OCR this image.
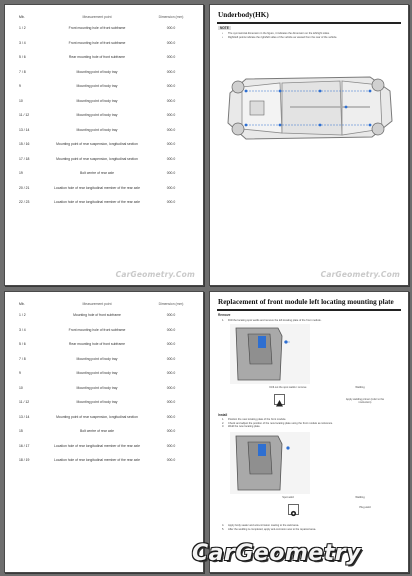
Mb.	Measurement point	Dimension (mm)
1 / 2	Front mounting hole of front subframe	000.0
3 / 4	Front mounting hole of front subframe	000.0
5 / 6	Rear mounting hole of front subframe	000.0
7 / 8	Mounting point of body tray	000.0
9	Mounting point of body tray	000.0
10	Mounting point of body tray	000.0
11 / 12	Mounting point of body tray	000.0
13 / 14	Mounting point of body tray	000.0
15 / 16	Mounting point of rear suspension, longitudinal section	000.0
17 / 18	Mounting point of rear suspension, longitudinal section	000.0
19	Bolt centre of rear axle	000.0
20 / 21	Location hole of rear longitudinal member of the rear axle	000.0
22 / 23	Location hole of rear longitudinal member of the rear axle	000.0
CarGeometry.Com
Underbody(HK)
NOTE
• The symmetrical dimension in the figure, it indicates the dimension on the left/right sides.
• Right/left points indicate the right/left sides of the vehicle as viewed from the rear of the vehicle.
CarGeometry.Com
Mb.	Measurement point	Dimension (mm)
1 / 2	Mounting hole of front subframe	000.0
3 / 4	Front mounting hole of front subframe	000.0
5 / 6	Rear mounting hole of front subframe	000.0
7 / 8	Mounting point of body tray	000.0
9	Mounting point of body tray	000.0
10	Mounting point of body tray	000.0
11 / 12	Mounting point of body tray	000.0
13 / 14	Mounting point of rear suspension, longitudinal section	000.0
15	Bolt centre of rear axle	000.0
16 / 17	Location hole of rear longitudinal member of the rear axle	000.0
18 / 19	Location hole of rear longitudinal member of the rear axle	000.0
Replacement of front module left locating mounting plate
Remove
1. Drill the locating spot welds and remove the left locating plate of the front module.
Drill out the spot welds / remove	Welding
Apply welding primer (refer to the instruction)
Install
1. Position the new locating plate of the front module.
2. Check and adjust the position of the new locating plate using the front module as reference.
3. Weld the new locating plate.
Spot weld	Welding
Plug weld
4. Apply body sealer and anti-corrosion coating to the weld area.
5. After the welding is completed, apply anti-corrosion wax to the repaired area.
CarGeometry
